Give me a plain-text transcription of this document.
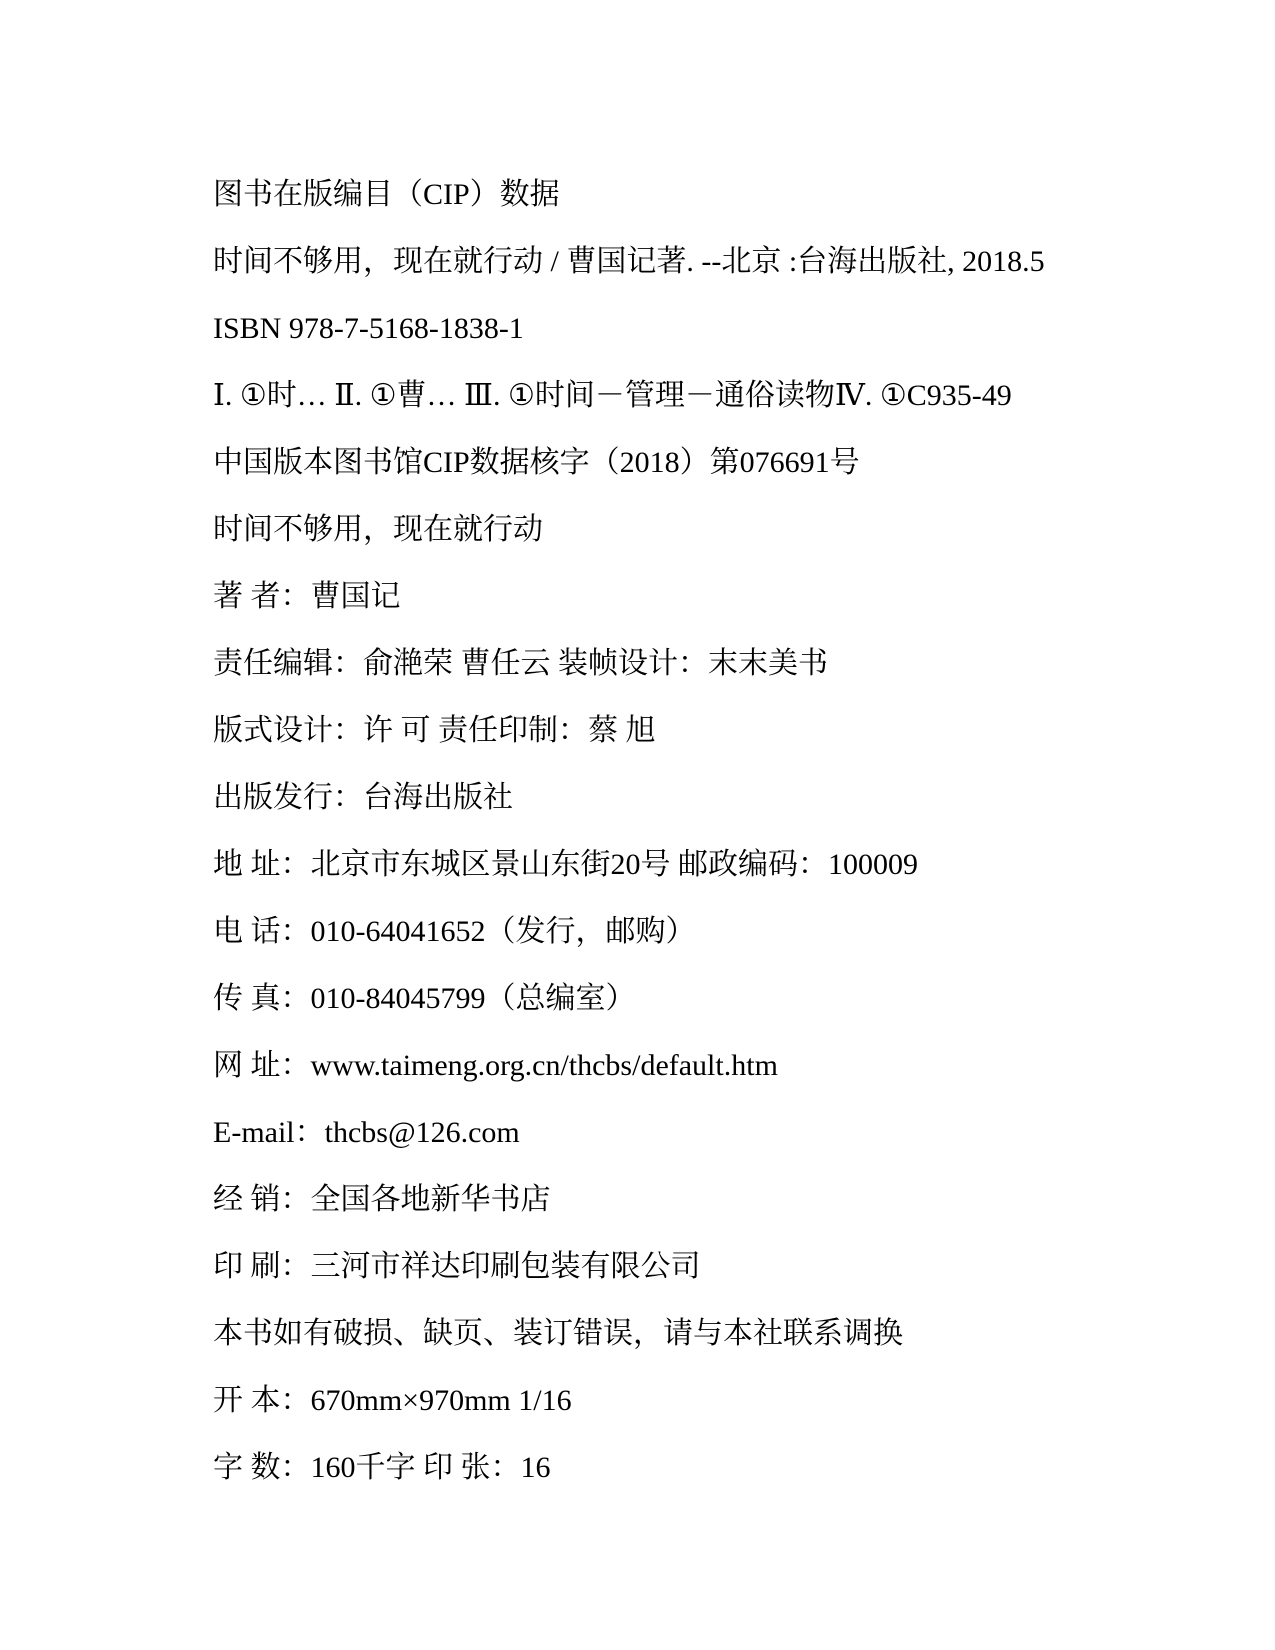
图书在版编目（CIP）数据
时间不够用，现在就行动 / 曹国记著. --北京 :台海出版社, 2018.5
ISBN 978-7-5168-1838-1
Ⅰ. ①时… Ⅱ. ①曹… Ⅲ. ①时间－管理－通俗读物Ⅳ. ①C935-49
中国版本图书馆CIP数据核字（2018）第076691号
时间不够用，现在就行动
著 者：曹国记
责任编辑：俞滟荣 曹任云 装帧设计：末末美书
版式设计：许 可 责任印制：蔡 旭
出版发行：台海出版社
地 址：北京市东城区景山东街20号 邮政编码：100009
电 话：010-64041652（发行，邮购）
传 真：010-84045799（总编室）
网 址：www.taimeng.org.cn/thcbs/default.htm
E-mail：thcbs@126.com
经 销：全国各地新华书店
印 刷：三河市祥达印刷包装有限公司
本书如有破损、缺页、装订错误，请与本社联系调换
开 本：670mm×970mm 1/16
字 数：160千字 印 张：16
